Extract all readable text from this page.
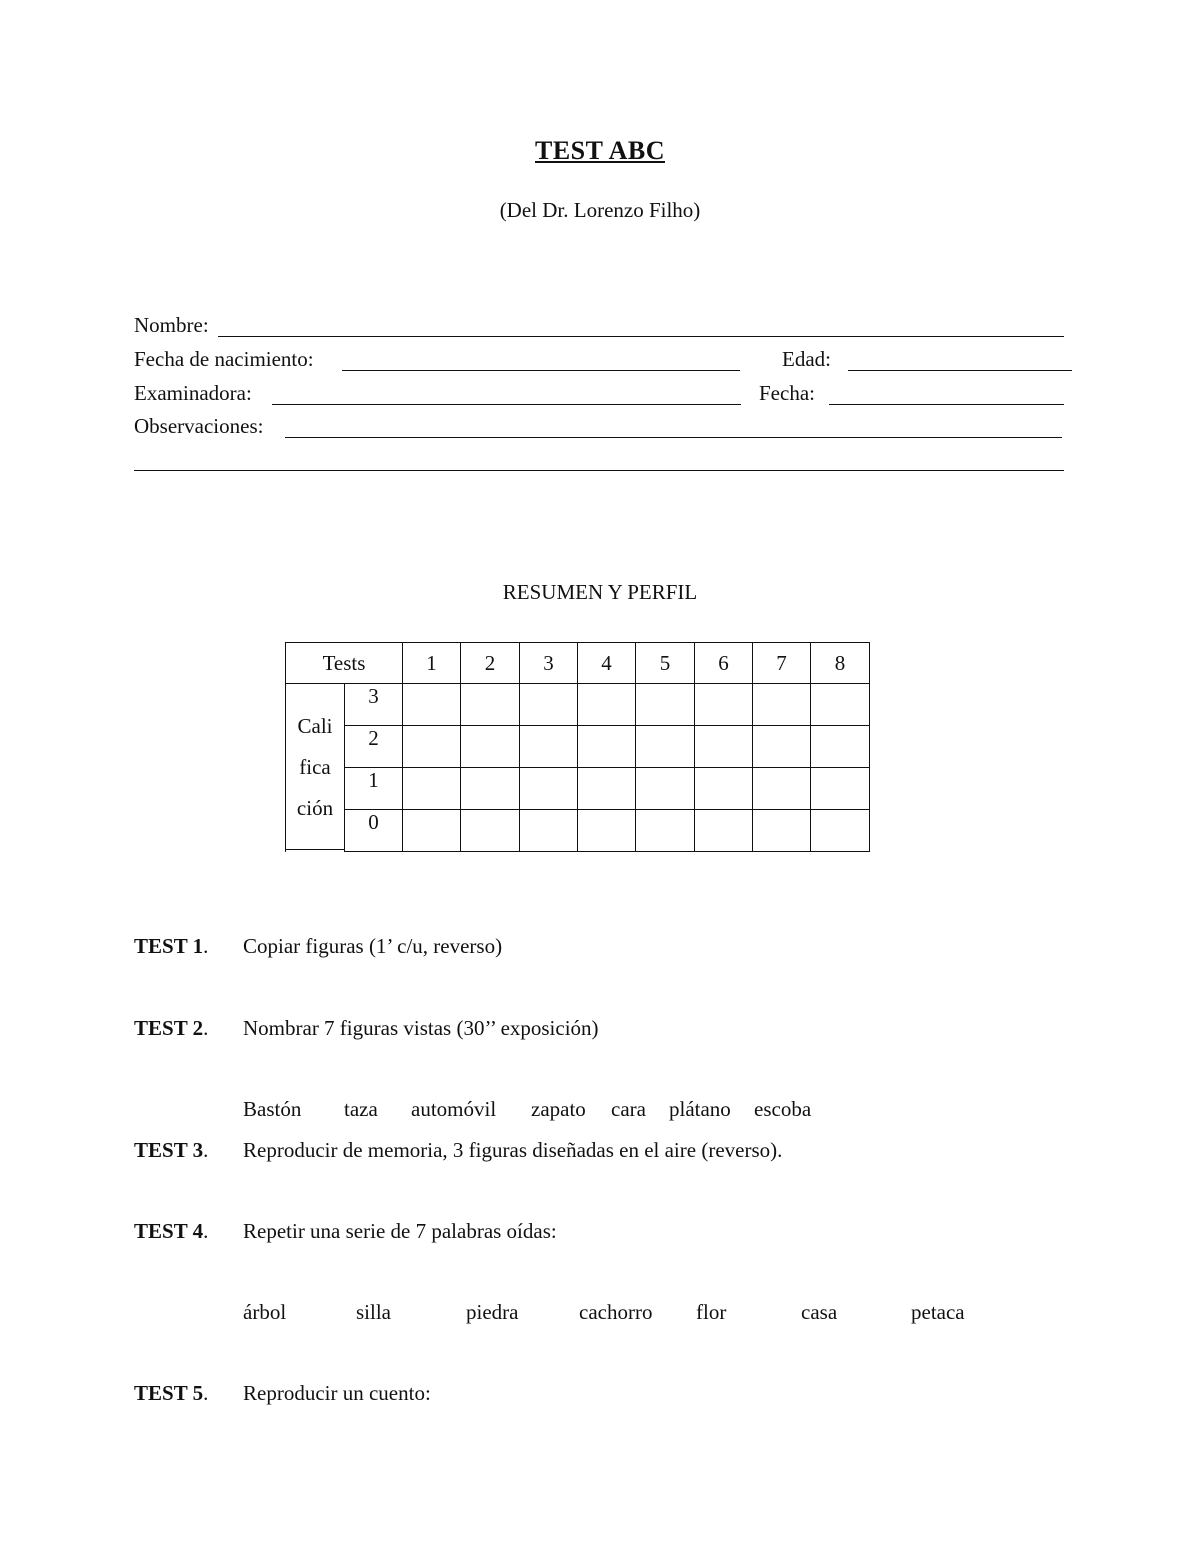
TEST ABC
(Del Dr. Lorenzo Filho)
Nombre:
Fecha de nacimiento:	Edad:
Examinadora:	Fecha:
Observaciones:
RESUMEN Y PERFIL
Tests		1	2	3	4	5	6	7	8

Cali
fica
ción	3								
	2								
	1								
	0								
TEST 1. Copiar figuras (1’ c/u, reverso)
TEST 2. Nombrar 7 figuras vistas (30’’ exposición)
Bastón taza automóvil zapato cara plátano escoba
TEST 3. Reproducir de memoria, 3 figuras diseñadas en el aire (reverso).
TEST 4. Repetir una serie de 7 palabras oídas:
árbol	silla	piedra	cachorro flor	casa	petaca
TEST 5. Reproducir un cuento:
